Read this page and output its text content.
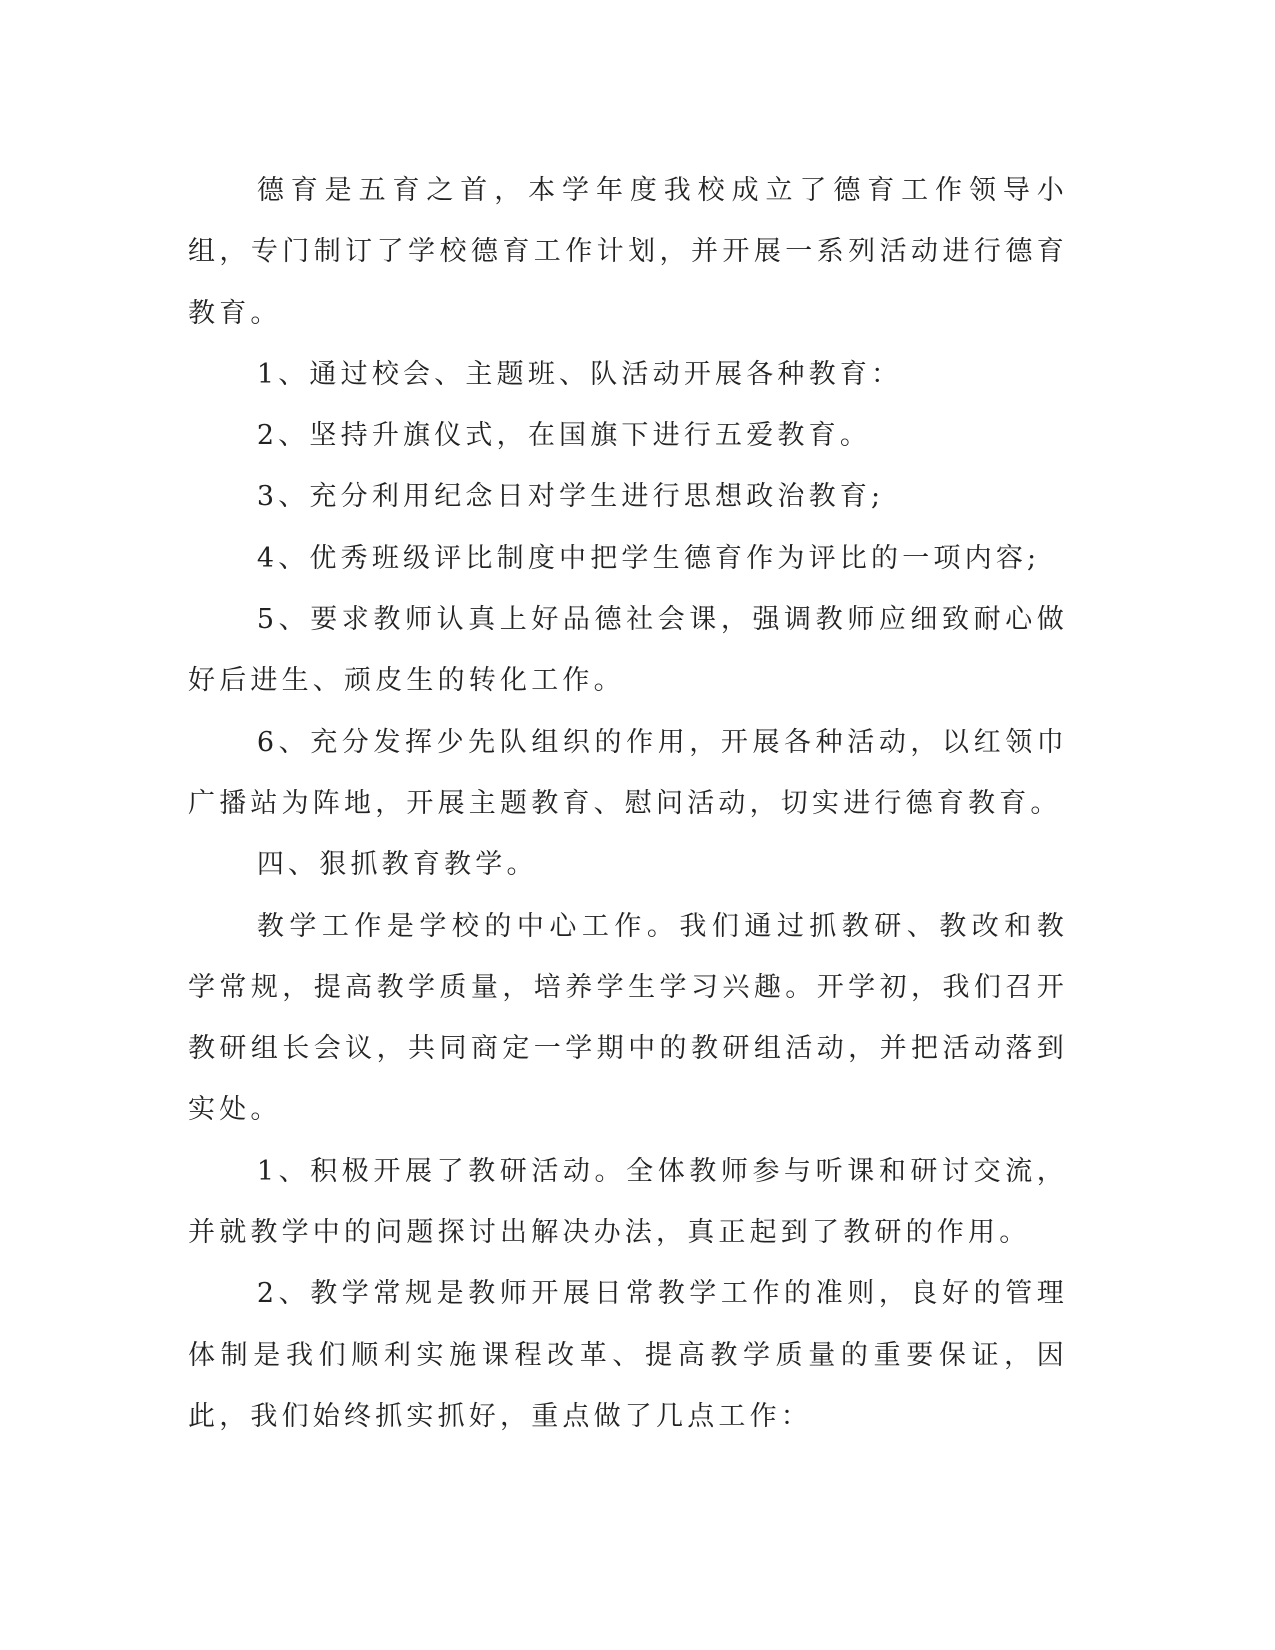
德育是五育之首，本学年度我校成立了德育工作领导小组，专门制订了学校德育工作计划，并开展一系列活动进行德育教育。

1、通过校会、主题班、队活动开展各种教育：

2、坚持升旗仪式，在国旗下进行五爱教育。

3、充分利用纪念日对学生进行思想政治教育;

4、优秀班级评比制度中把学生德育作为评比的一项内容;

5、要求教师认真上好品德社会课，强调教师应细致耐心做好后进生、顽皮生的转化工作。

6、充分发挥少先队组织的作用，开展各种活动，以红领巾广播站为阵地，开展主题教育、慰问活动，切实进行德育教育。

四、狠抓教育教学。

教学工作是学校的中心工作。我们通过抓教研、教改和教学常规，提高教学质量，培养学生学习兴趣。开学初，我们召开教研组长会议，共同商定一学期中的教研组活动，并把活动落到实处。

1、积极开展了教研活动。全体教师参与听课和研讨交流，并就教学中的问题探讨出解决办法，真正起到了教研的作用。

2、教学常规是教师开展日常教学工作的准则，良好的管理体制是我们顺利实施课程改革、提高教学质量的重要保证，因此，我们始终抓实抓好，重点做了几点工作：
